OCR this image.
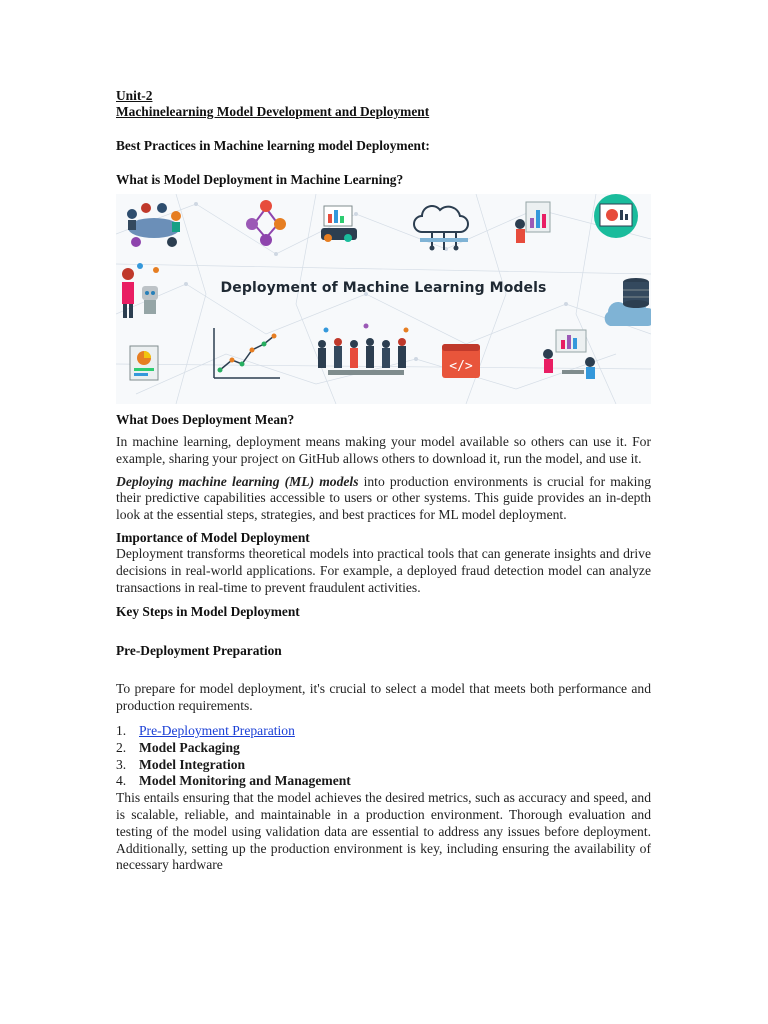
Unit-2
Machinelearning Model Development and Deployment
Best Practices in Machine learning model Deployment:
What is Model Deployment in Machine Learning?
</>
Deployment of Machine Learning Models
What Does Deployment Mean?

In machine learning, deployment means making your model available so others can use it. For example, sharing your project on GitHub allows others to download it, run the model, and use it.

Deploying machine learning (ML) models into production environments is crucial for making their predictive capabilities accessible to users or other systems. This guide provides an in-depth look at the essential steps, strategies, and best practices for ML model deployment.

Importance of Model Deployment

Deployment transforms theoretical models into practical tools that can generate insights and drive decisions in real-world applications. For example, a deployed fraud detection model can analyze transactions in real-time to prevent fraudulent activities.

Key Steps in Model Deployment
Pre-Deployment Preparation

To prepare for model deployment, it's crucial to select a model that meets both performance and production requirements.

1. Pre-Deployment Preparation
2. Model Packaging
3. Model Integration
4. Model Monitoring and Management

This entails ensuring that the model achieves the desired metrics, such as accuracy and speed, and is scalable, reliable, and maintainable in a production environment. Thorough evaluation and testing of the model using validation data are essential to address any issues before deployment. Additionally, setting up the production environment is key, including ensuring the availability of necessary hardware
